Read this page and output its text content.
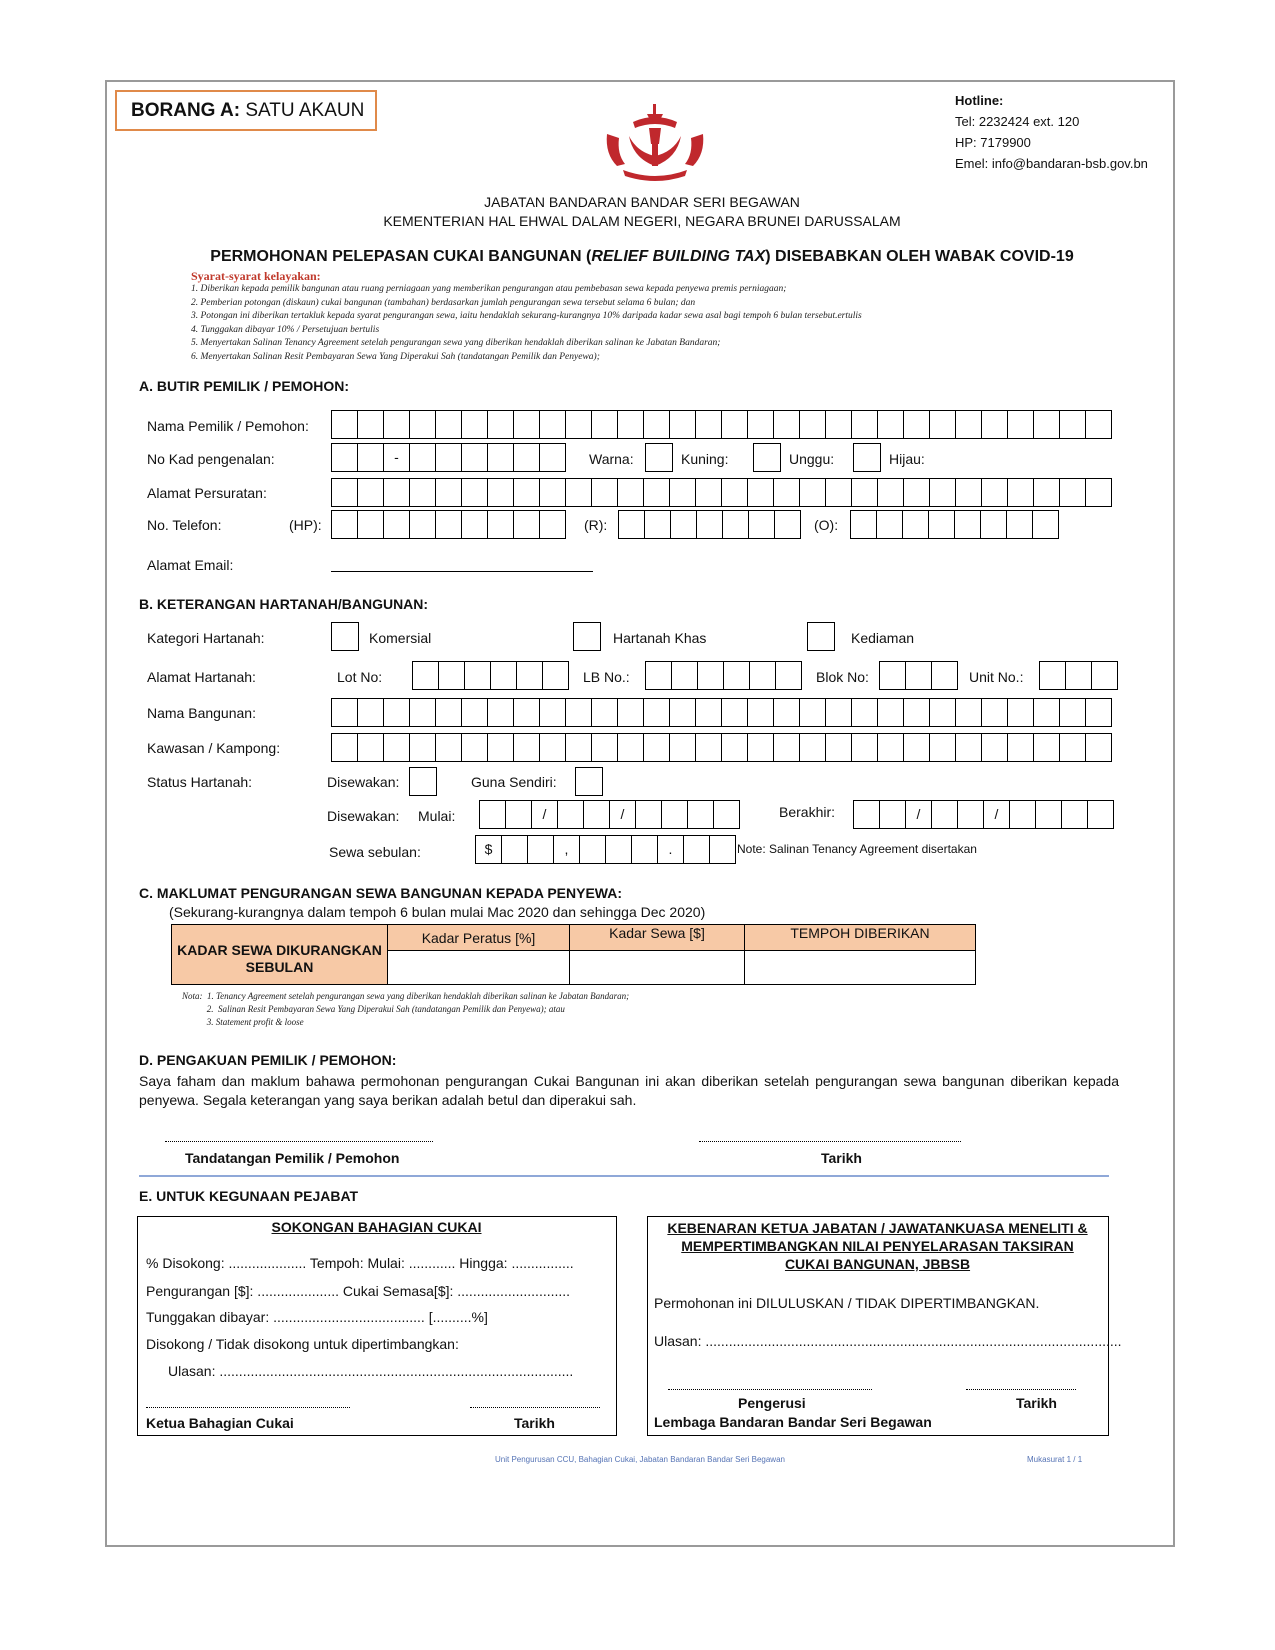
BORANG A: SATU AKAUN	Hotline:
Tel: 2232424 ext. 120
HP: 7179900
Emel: info@bandaran-bsb.gov.bn
JABATAN BANDARAN BANDAR SERI BEGAWAN
KEMENTERIAN HAL EHWAL DALAM NEGERI, NEGARA BRUNEI DARUSSALAM
PERMOHONAN PELEPASAN CUKAI BANGUNAN (RELIEF BUILDING TAX) DISEBABKAN OLEH WABAK COVID-19
Syarat-syarat kelayakan:
1. Diberikan kepada pemilik bangunan atau ruang perniagaan yang memberikan pengurangan atau pembebasan sewa kepada penyewa premis perniagaan;
2. Pemberian potongan (diskaun) cukai bangunan (tambahan) berdasarkan jumlah pengurangan sewa tersebut selama 6 bulan; dan
3. Potongan ini diberikan tertakluk kepada syarat pengurangan sewa, iaitu hendaklah sekurang-kurangnya 10% daripada kadar sewa asal bagi tempoh 6 bulan tersebut.ertulis
4. Tunggakan dibayar 10% / Persetujuan bertulis
5. Menyertakan Salinan Tenancy Agreement setelah pengurangan sewa yang diberikan hendaklah diberikan salinan ke Jabatan Bandaran;
6. Menyertakan Salinan Resit Pembayaran Sewa Yang Diperakui Sah (tandatangan Pemilik dan Penyewa);
A. BUTIR PEMILIK / PEMOHON:
Nama Pemilik / Pemohon:
No Kad pengenalan:	-	Warna:	Kuning:	Unggu:	Hijau:
Alamat Persuratan:
No. Telefon:	(HP):	(R):	(O):
Alamat Email:
B. KETERANGAN HARTANAH/BANGUNAN:
Kategori Hartanah:	Komersial	Hartanah Khas	Kediaman
Alamat Hartanah:	Lot No:	LB No.:	Blok No:	Unit No.:
Nama Bangunan:
Kawasan / Kampong:
Status Hartanah:	Disewakan:	Guna Sendiri:
Disewakan: Mulai:	/	/	Berakhir:	/	/
Sewa sebulan:	$	,	.	Note: Salinan Tenancy Agreement disertakan
C. MAKLUMAT PENGURANGAN SEWA BANGUNAN KEPADA PENYEWA:
(Sekurang-kurangnya dalam tempoh 6 bulan mulai Mac 2020 dan sehingga Dec 2020)
KADAR SEWA DIKURANGKAN SEBULAN	Kadar Peratus [%]	Kadar Sewa [$]	TEMPOH DIBERIKAN

Nota:  1. Tenancy Agreement setelah pengurangan sewa yang diberikan hendaklah diberikan salinan ke Jabatan Bandaran;
2.  Salinan Resit Pembayaran Sewa Yang Diperakui Sah (tandatangan Pemilik dan Penyewa); atau
3. Statement profit & loose
D. PENGAKUAN PEMILIK / PEMOHON:
Saya faham dan maklum bahawa permohonan pengurangan Cukai Bangunan ini akan diberikan setelah pengurangan sewa bangunan diberikan kepada penyewa. Segala keterangan yang saya berikan adalah betul dan diperakui sah.
Tandatangan Pemilik / Pemohon	Tarikh
E. UNTUK KEGUNAAN PEJABAT
SOKONGAN BAHAGIAN CUKAI
% Disokong: .................... Tempoh: Mulai: ............ Hingga: ................
Pengurangan [$]: ..................... Cukai Semasa[$]: .............................
Tunggakan dibayar: ....................................... [..........%]
Disokong / Tidak disokong untuk dipertimbangkan:
Ulasan: ...........................................................................................
Ketua Bahagian Cukai	Tarikh
KEBENARAN KETUA JABATAN / JAWATANKUASA MENELITI &
MEMPERTIMBANGKAN NILAI PENYELARASAN TAKSIRAN
CUKAI BANGUNAN, JBBSB
Permohonan ini DILULUSKAN / TIDAK DIPERTIMBANGKAN.
Ulasan: ...........................................................................................................
Pengerusi	Tarikh
Lembaga Bandaran Bandar Seri Begawan
Unit Pengurusan CCU, Bahagian Cukai, Jabatan Bandaran Bandar Seri Begawan	Mukasurat 1 / 1
